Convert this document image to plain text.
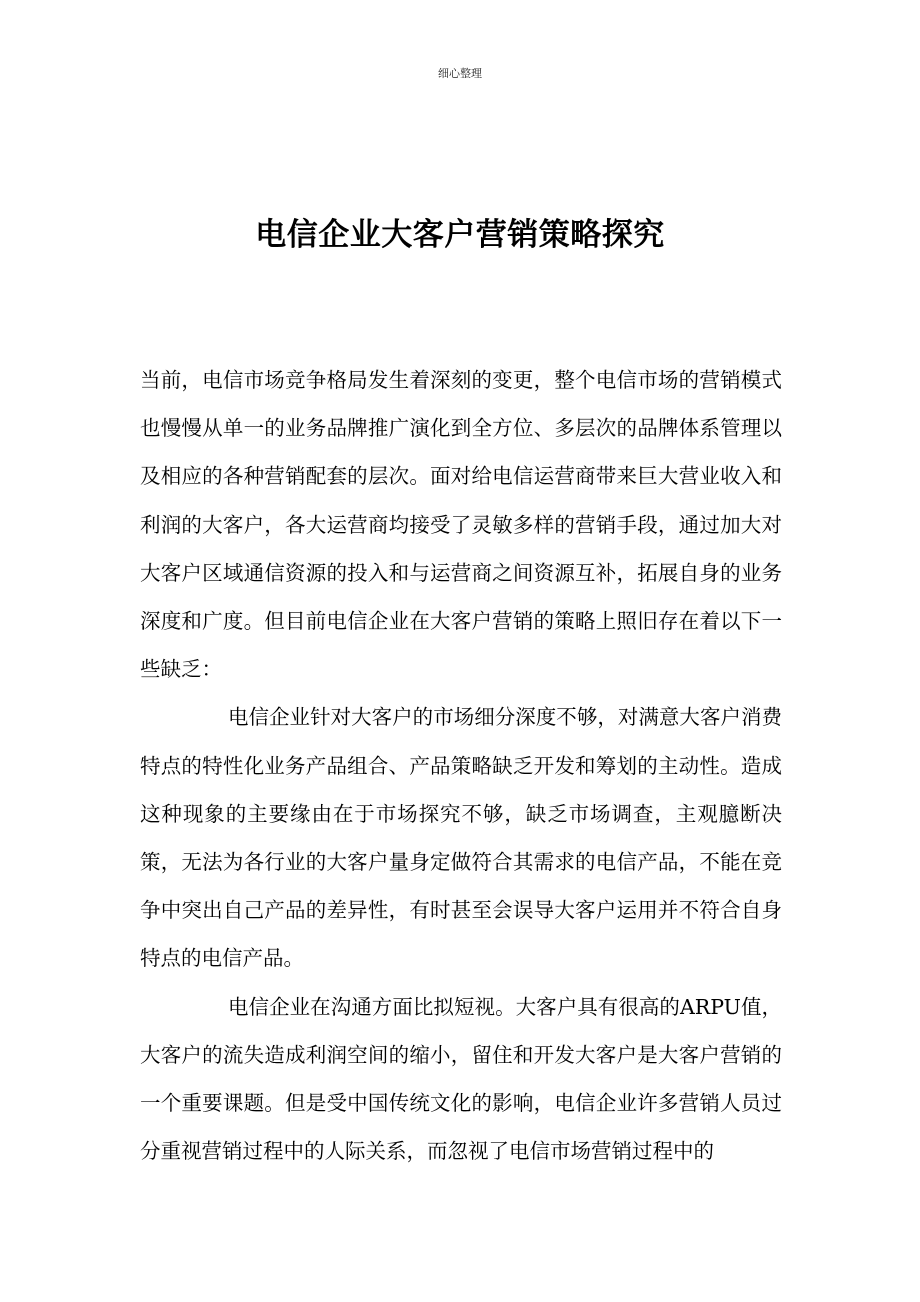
细心整理
电信企业大客户营销策略探究

当前，电信市场竞争格局发生着深刻的变更，整个电信市场的营销模式也慢慢从单一的业务品牌推广演化到全方位、多层次的品牌体系管理以及相应的各种营销配套的层次。面对给电信运营商带来巨大营业收入和利润的大客户，各大运营商均接受了灵敏多样的营销手段，通过加大对大客户区域通信资源的投入和与运营商之间资源互补，拓展自身的业务深度和广度。但目前电信企业在大客户营销的策略上照旧存在着以下一些缺乏：

电信企业针对大客户的市场细分深度不够，对满意大客户消费特点的特性化业务产品组合、产品策略缺乏开发和筹划的主动性。造成这种现象的主要缘由在于市场探究不够，缺乏市场调查，主观臆断决策，无法为各行业的大客户量身定做符合其需求的电信产品，不能在竞争中突出自己产品的差异性，有时甚至会误导大客户运用并不符合自身特点的电信产品。

电信企业在沟通方面比拟短视。大客户具有很高的ARPU值，大客户的流失造成利润空间的缩小，留住和开发大客户是大客户营销的一个重要课题。但是受中国传统文化的影响，电信企业许多营销人员过分重视营销过程中的人际关系，而忽视了电信市场营销过程中的
